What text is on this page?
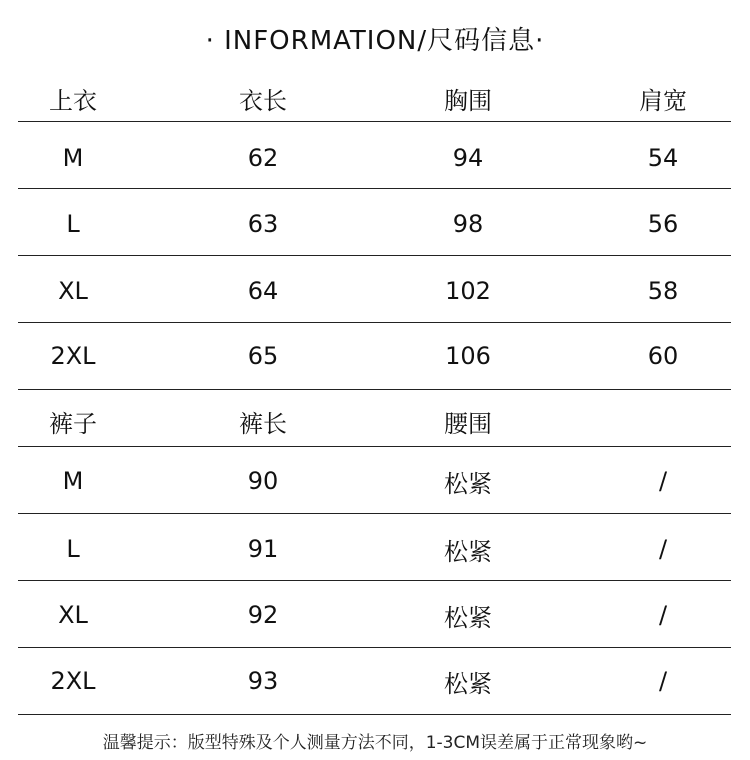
· INFORMATION/尺码信息·
上衣	衣长	胸围	肩宽
M	62	94	54
L	63	98	56
XL	64	102	58
2XL	65	106	60
裤子	裤长	腰围
M	90	松紧	/
L	91	松紧	/
XL	92	松紧	/
2XL	93	松紧	/
温馨提示：版型特殊及个人测量方法不同，1-3CM误差属于正常现象哟~
